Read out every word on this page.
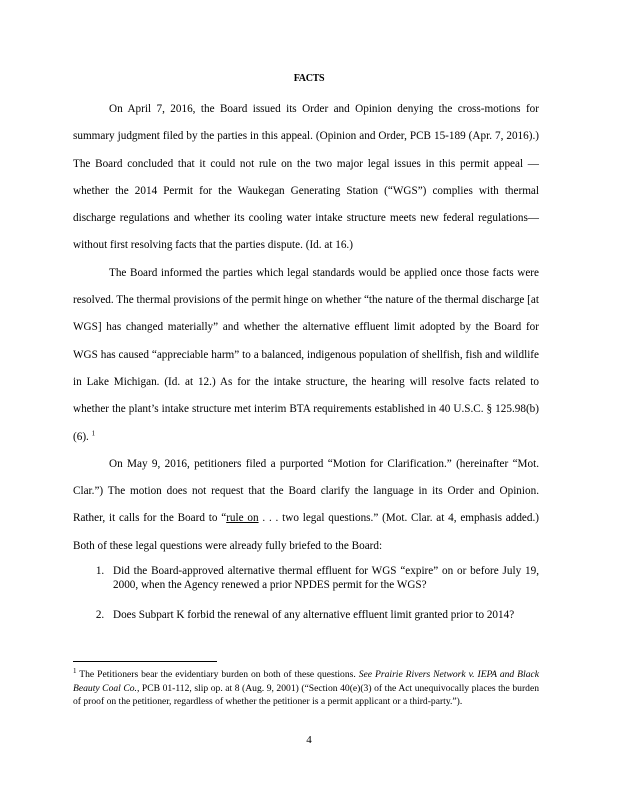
FACTS

On April 7, 2016, the Board issued its Order and Opinion denying the cross-motions for summary judgment filed by the parties in this appeal. (Opinion and Order, PCB 15-189 (Apr. 7, 2016).) The Board concluded that it could not rule on the two major legal issues in this permit appeal — whether the 2014 Permit for the Waukegan Generating Station (“WGS”) complies with thermal discharge regulations and whether its cooling water intake structure meets new federal regulations— without first resolving facts that the parties dispute. (Id. at 16.)

The Board informed the parties which legal standards would be applied once those facts were resolved. The thermal provisions of the permit hinge on whether “the nature of the thermal discharge [at WGS] has changed materially” and whether the alternative effluent limit adopted by the Board for WGS has caused “appreciable harm” to a balanced, indigenous population of shellfish, fish and wildlife in Lake Michigan. (Id. at 12.) As for the intake structure, the hearing will resolve facts related to whether the plant’s intake structure met interim BTA requirements established in 40 U.S.C. § 125.98(b)(6). $^1$

On May 9, 2016, petitioners filed a purported “Motion for Clarification.” (hereinafter “Mot. Clar.”) The motion does not request that the Board clarify the language in its Order and Opinion. Rather, it calls for the Board to “rule on . . . two legal questions.” (Mot. Clar. at 4, emphasis added.) Both of these legal questions were already fully briefed to the Board:

1. Did the Board-approved alternative thermal effluent for WGS “expire” on or before July 19, 2000, when the Agency renewed a prior NPDES permit for the WGS?
2. Does Subpart K forbid the renewal of any alternative effluent limit granted prior to 2014?
$^1$ The Petitioners bear the evidentiary burden on both of these questions. See Prairie Rivers Network v. IEPA and Black Beauty Coal Co., PCB 01-112, slip op. at 8 (Aug. 9, 2001) (“Section 40(e)(3) of the Act unequivocally places the burden of proof on the petitioner, regardless of whether the petitioner is a permit applicant or a third-party.”).
4
